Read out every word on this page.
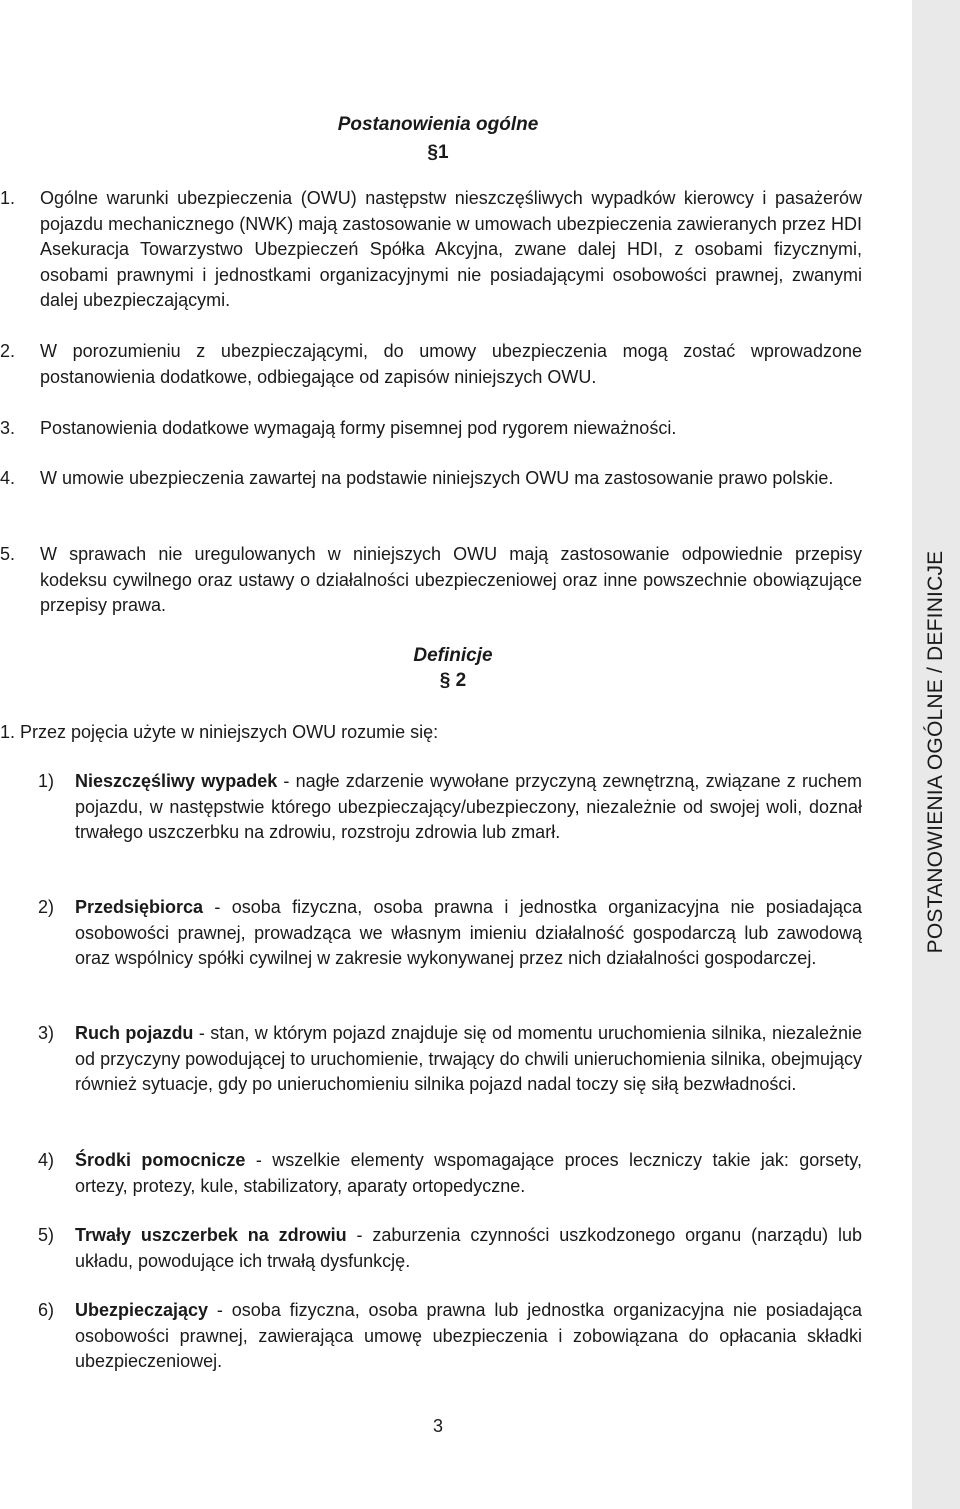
Postanowienia ogólne
§1

1.	Ogólne warunki ubezpieczenia (OWU) następstw nieszczęśliwych wypadków kierowcy i pasażerów pojazdu mechanicznego (NWK) mają zastosowanie w umowach ubezpieczenia zawieranych przez HDI Asekuracja Towarzystwo Ubezpieczeń Spółka Akcyjna, zwane dalej HDI, z osobami fizycznymi, osobami prawnymi i jednostkami organizacyjnymi nie posiadającymi osobowości prawnej, zwanymi dalej ubezpieczającymi.

2.	W porozumieniu z ubezpieczającymi, do umowy ubezpieczenia mogą zostać wprowadzone postanowienia dodatkowe, odbiegające od zapisów niniejszych OWU.

3.	Postanowienia dodatkowe wymagają formy pisemnej pod rygorem nieważności.

4.	W umowie ubezpieczenia zawartej na podstawie niniejszych OWU ma zastosowanie prawo polskie.

5.	W sprawach nie uregulowanych w niniejszych OWU mają zastosowanie odpowiednie przepisy kodeksu cywilnego oraz ustawy o działalności ubezpieczeniowej oraz inne powszechnie obowiązujące przepisy prawa.

Definicje
§ 2
1. Przez pojęcia użyte w niniejszych OWU rozumie się:

1)	Nieszczęśliwy wypadek - nagłe zdarzenie wywołane przyczyną zewnętrzną, związane z ruchem pojazdu, w następstwie którego ubezpieczający/ubezpieczony, niezależnie od swojej woli, doznał trwałego uszczerbku na zdrowiu, rozstroju zdrowia lub zmarł.

2)	Przedsiębiorca - osoba fizyczna, osoba prawna i jednostka organizacyjna nie posiadająca osobowości prawnej, prowadząca we własnym imieniu działalność gospodarczą lub zawodową oraz wspólnicy spółki cywilnej w zakresie wykonywanej przez nich działalności gospodarczej.

3)	Ruch pojazdu - stan, w którym pojazd znajduje się od momentu uruchomienia silnika, niezależnie od przyczyny powodującej to uruchomienie, trwający do chwili unieruchomienia silnika, obejmujący również sytuacje, gdy po unieruchomieniu silnika pojazd nadal toczy się siłą bezwładności.

4)	Środki pomocnicze - wszelkie elementy wspomagające proces leczniczy takie jak: gorsety, ortezy, protezy, kule, stabilizatory, aparaty ortopedyczne.

5)	Trwały uszczerbek na zdrowiu - zaburzenia czynności uszkodzonego organu (narządu) lub układu, powodujące ich trwałą dysfunkcję.

6)	Ubezpieczający - osoba fizyczna, osoba prawna lub jednostka organizacyjna nie posiadająca osobowości prawnej, zawierająca umowę ubezpieczenia i zobowiązana do opłacania składki ubezpieczeniowej.

3
POSTANOWIENIA OGÓLNE / DEFINICJE
